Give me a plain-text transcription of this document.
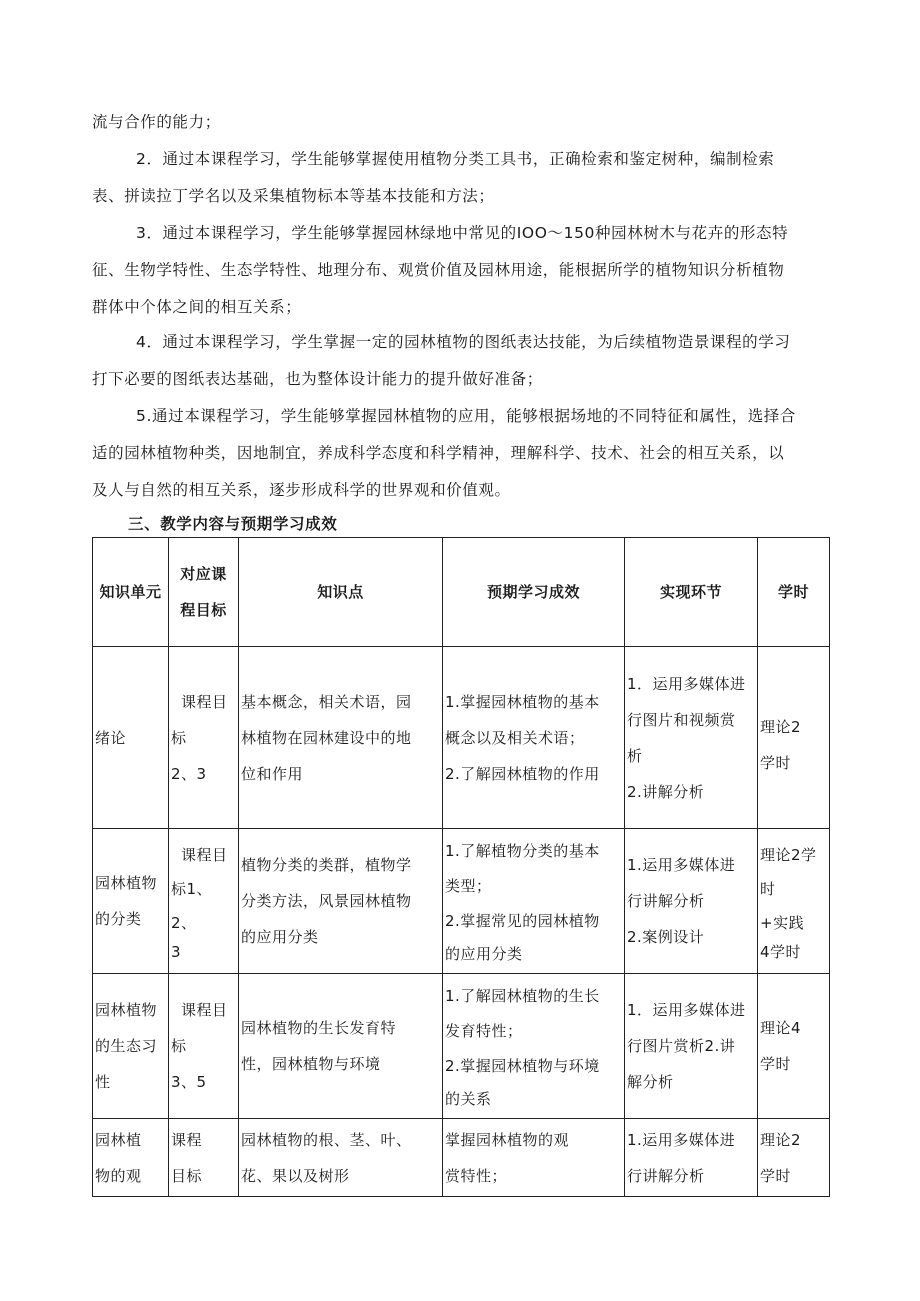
流与合作的能力；

2．通过本课程学习，学生能够掌握使用植物分类工具书，正确检索和鉴定树种，编制检索
表、拼读拉丁学名以及采集植物标本等基本技能和方法；

3．通过本课程学习，学生能够掌握园林绿地中常见的IOO～150种园林树木与花卉的形态特
征、生物学特性、生态学特性、地理分布、观赏价值及园林用途，能根据所学的植物知识分析植物
群体中个体之间的相互关系；

4．通过本课程学习，学生掌握一定的园林植物的图纸表达技能，为后续植物造景课程的学习
打下必要的图纸表达基础，也为整体设计能力的提升做好准备；

5.通过本课程学习，学生能够掌握园林植物的应用，能够根据场地的不同特征和属性，选择合
适的园林植物种类，因地制宜，养成科学态度和科学精神，理解科学、技术、社会的相互关系，以
及人与自然的相互关系，逐步形成科学的世界观和价值观。

三、教学内容与预期学习成效

知识单元	对应课
程目标	知识点	预期学习成效	实现环节	学时

绪论	课程目
标
2、3	基本概念，相关术语，园
林植物在园林建设中的地
位和作用	1.掌握园林植物的基本
概念以及相关术语；
2.了解园林植物的作用	1．运用多媒体进
行图片和视频赏
析
2.讲解分析	理论2
学时

园林植物
的分类	课程目
标1、
2、
3	植物分类的类群，植物学
分类方法，风景园林植物
的应用分类	1.了解植物分类的基本
类型；
2.掌握常见的园林植物
的应用分类	1.运用多媒体进
行讲解分析
2.案例设计	理论2学
时
+实践
4学时

园林植物
的生态习
性	课程目
标
3、5	园林植物的生长发育特
性，园林植物与环境	1.了解园林植物的生长
发育特性；
2.掌握园林植物与环境
的关系	1．运用多媒体进
行图片赏析2.讲
解分析	理论4
学时

园林植
物的观	课程
目标	园林植物的根、茎、叶、
花、果以及树形	掌握园林植物的观
赏特性；	1.运用多媒体进
行讲解分析	理论2
学时
